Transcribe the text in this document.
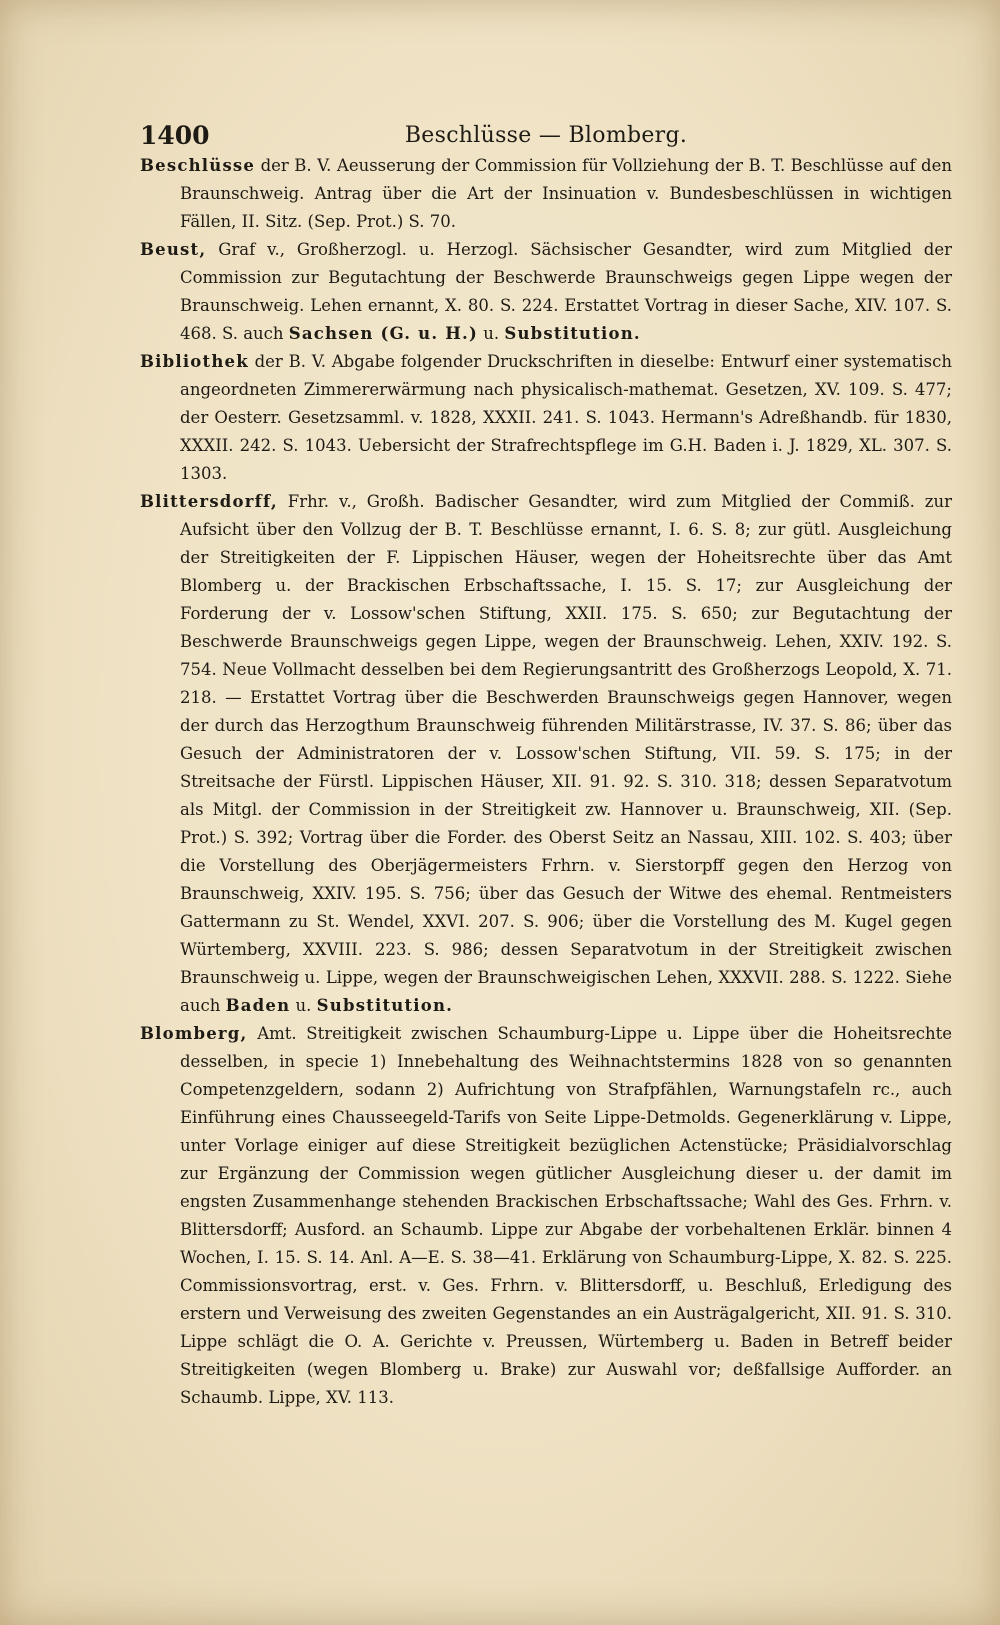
1400	Beschlüsse — Blomberg.

Beschlüsse der B. V. Aeusserung der Commission für Vollziehung der B. T. Beschlüsse auf den Braunschweig. Antrag über die Art der Insinuation v. Bundesbeschlüssen in wichtigen Fällen, II. Sitz. (Sep. Prot.) S. 70.

Beust, Graf v., Großherzogl. u. Herzogl. Sächsischer Gesandter, wird zum Mitglied der Commission zur Begutachtung der Beschwerde Braunschweigs gegen Lippe wegen der Braunschweig. Lehen ernannt, X. 80. S. 224. Erstattet Vortrag in dieser Sache, XIV. 107. S. 468. S. auch Sachsen (G. u. H.) u. Substitution.

Bibliothek der B. V. Abgabe folgender Druckschriften in dieselbe: Entwurf einer systematisch angeordneten Zimmererwärmung nach physicalisch-mathemat. Gesetzen, XV. 109. S. 477; der Oesterr. Gesetzsamml. v. 1828, XXXII. 241. S. 1043. Hermann's Adreßhandb. für 1830, XXXII. 242. S. 1043. Uebersicht der Strafrechtspflege im G.H. Baden i. J. 1829, XL. 307. S. 1303.

Blittersdorff, Frhr. v., Großh. Badischer Gesandter, wird zum Mitglied der Commiß. zur Aufsicht über den Vollzug der B. T. Beschlüsse ernannt, I. 6. S. 8; zur gütl. Ausgleichung der Streitigkeiten der F. Lippischen Häuser, wegen der Hoheitsrechte über das Amt Blomberg u. der Brackischen Erbschaftssache, I. 15. S. 17; zur Ausgleichung der Forderung der v. Lossow'schen Stiftung, XXII. 175. S. 650; zur Begutachtung der Beschwerde Braunschweigs gegen Lippe, wegen der Braunschweig. Lehen, XXIV. 192. S. 754. Neue Vollmacht desselben bei dem Regierungsantritt des Großherzogs Leopold, X. 71. 218. — Erstattet Vortrag über die Beschwerden Braunschweigs gegen Hannover, wegen der durch das Herzogthum Braunschweig führenden Militärstrasse, IV. 37. S. 86; über das Gesuch der Administratoren der v. Lossow'schen Stiftung, VII. 59. S. 175; in der Streitsache der Fürstl. Lippischen Häuser, XII. 91. 92. S. 310. 318; dessen Separatvotum als Mitgl. der Commission in der Streitigkeit zw. Hannover u. Braunschweig, XII. (Sep. Prot.) S. 392; Vortrag über die Forder. des Oberst Seitz an Nassau, XIII. 102. S. 403; über die Vorstellung des Oberjägermeisters Frhrn. v. Sierstorpff gegen den Herzog von Braunschweig, XXIV. 195. S. 756; über das Gesuch der Witwe des ehemal. Rentmeisters Gattermann zu St. Wendel, XXVI. 207. S. 906; über die Vorstellung des M. Kugel gegen Würtemberg, XXVIII. 223. S. 986; dessen Separatvotum in der Streitigkeit zwischen Braunschweig u. Lippe, wegen der Braunschweigischen Lehen, XXXVII. 288. S. 1222. Siehe auch Baden u. Substitution.

Blomberg, Amt. Streitigkeit zwischen Schaumburg-Lippe u. Lippe über die Hoheitsrechte desselben, in specie 1) Innebehaltung des Weihnachtstermins 1828 von so genannten Competenzgeldern, sodann 2) Aufrichtung von Strafpfählen, Warnungstafeln rc., auch Einführung eines Chausseegeld-Tarifs von Seite Lippe-Detmolds. Gegenerklärung v. Lippe, unter Vorlage einiger auf diese Streitigkeit bezüglichen Actenstücke; Präsidialvorschlag zur Ergänzung der Commission wegen gütlicher Ausgleichung dieser u. der damit im engsten Zusammenhange stehenden Brackischen Erbschaftssache; Wahl des Ges. Frhrn. v. Blittersdorff; Ausford. an Schaumb. Lippe zur Abgabe der vorbehaltenen Erklär. binnen 4 Wochen, I. 15. S. 14. Anl. A—E. S. 38—41. Erklärung von Schaumburg-Lippe, X. 82. S. 225. Commissionsvortrag, erst. v. Ges. Frhrn. v. Blittersdorff, u. Beschluß, Erledigung des erstern und Verweisung des zweiten Gegenstandes an ein Austrägalgericht, XII. 91. S. 310. Lippe schlägt die O. A. Gerichte v. Preussen, Würtemberg u. Baden in Betreff beider Streitigkeiten (wegen Blomberg u. Brake) zur Auswahl vor; deßfallsige Aufforder. an Schaumb. Lippe, XV. 113.
